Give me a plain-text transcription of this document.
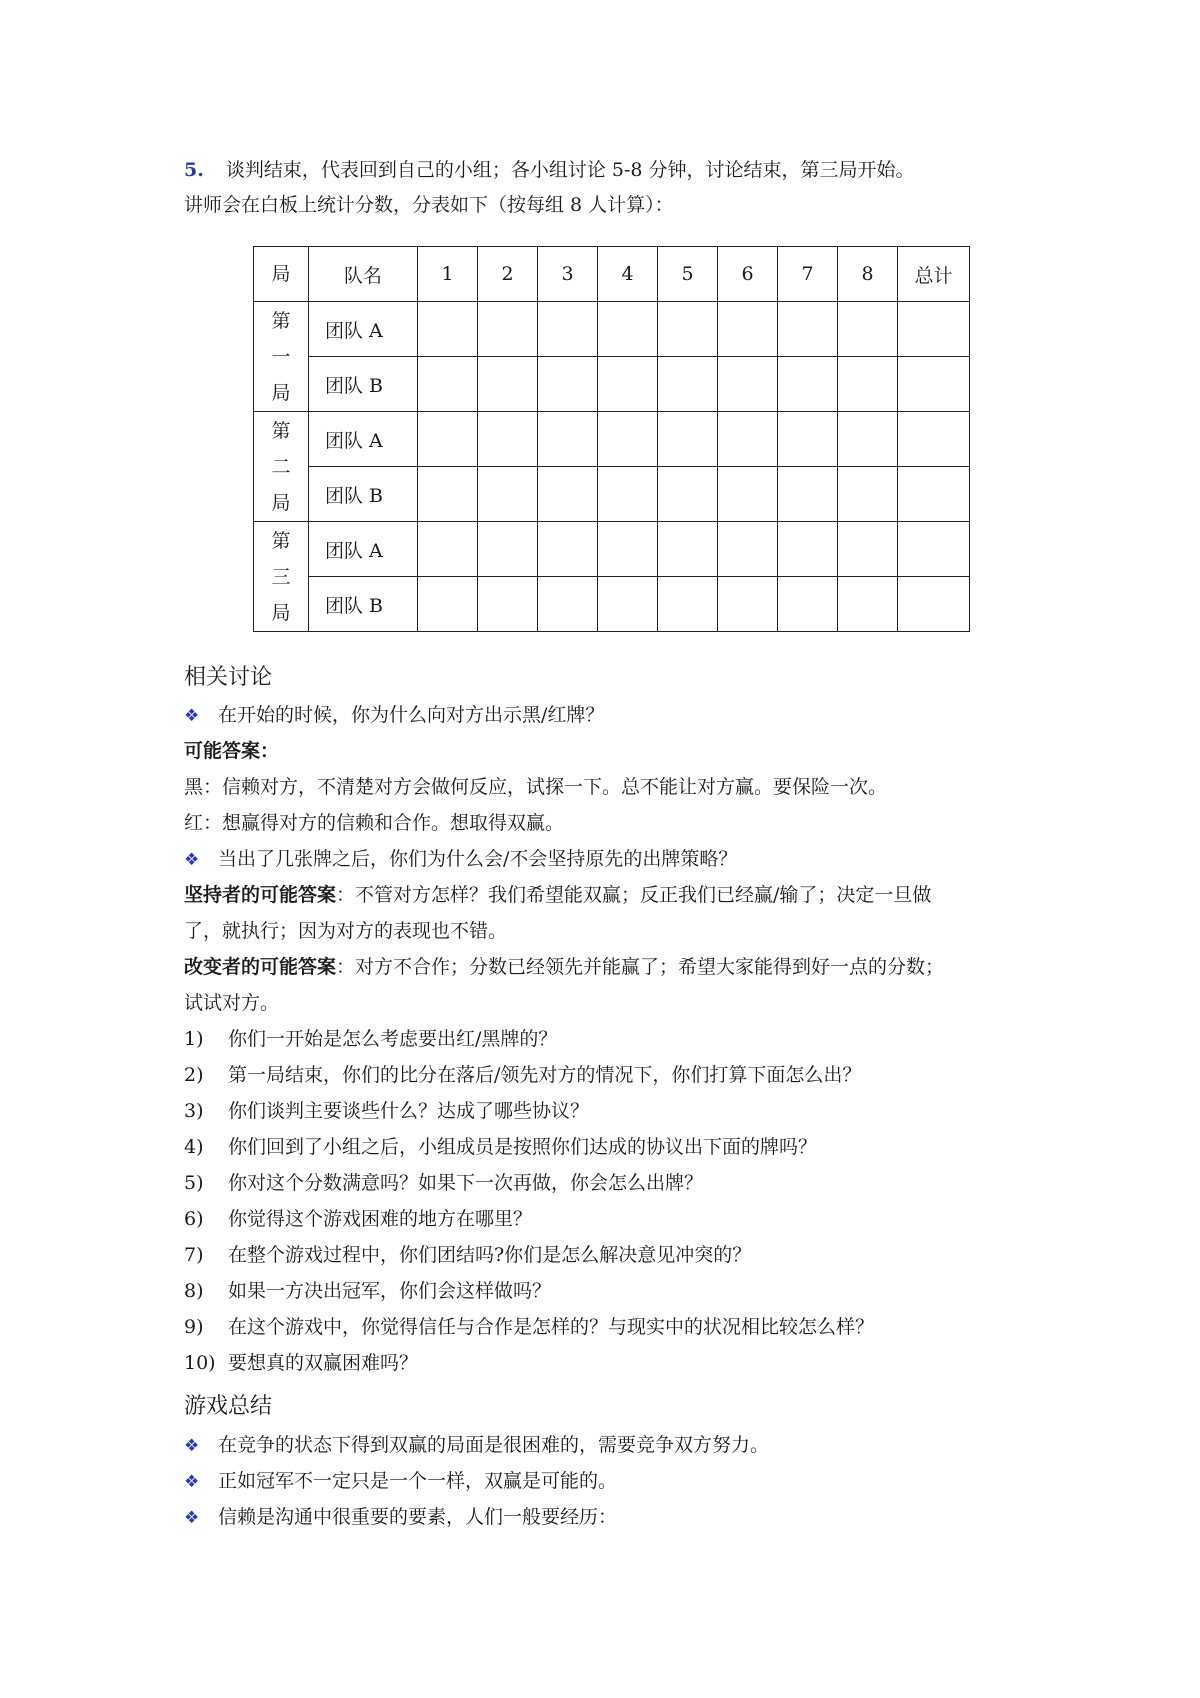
5. 谈判结束，代表回到自己的小组；各小组讨论 5-8 分钟，讨论结束，第三局开始。
讲师会在白板上统计分数，分表如下（按每组 8 人计算）：
局	队名	1	2	3	4	5	6	7	8	总计

第
一
局	团队 A									
	团队 B									

第
二
局	团队 A									
	团队 B									

第
三
局	团队 A									
	团队 B									
相关讨论
❖ 在开始的时候，你为什么向对方出示黑/红牌？
可能答案：
黑：信赖对方，不清楚对方会做何反应，试探一下。总不能让对方赢。要保险一次。
红：想赢得对方的信赖和合作。想取得双赢。
❖ 当出了几张牌之后，你们为什么会/不会坚持原先的出牌策略？
坚持者的可能答案：不管对方怎样？我们希望能双赢；反正我们已经赢/输了；决定一旦做
了，就执行；因为对方的表现也不错。
改变者的可能答案：对方不合作；分数已经领先并能赢了；希望大家能得到好一点的分数；
试试对方。
1) 你们一开始是怎么考虑要出红/黑牌的？
2) 第一局结束，你们的比分在落后/领先对方的情况下，你们打算下面怎么出？
3) 你们谈判主要谈些什么？达成了哪些协议？
4) 你们回到了小组之后，小组成员是按照你们达成的协议出下面的牌吗？
5) 你对这个分数满意吗？如果下一次再做，你会怎么出牌？
6) 你觉得这个游戏困难的地方在哪里？
7) 在整个游戏过程中，你们团结吗?你们是怎么解决意见冲突的？
8) 如果一方决出冠军，你们会这样做吗？
9) 在这个游戏中，你觉得信任与合作是怎样的？与现实中的状况相比较怎么样？
10) 要想真的双赢困难吗？
游戏总结
❖ 在竞争的状态下得到双赢的局面是很困难的，需要竞争双方努力。
❖ 正如冠军不一定只是一个一样，双赢是可能的。
❖ 信赖是沟通中很重要的要素，人们一般要经历：
